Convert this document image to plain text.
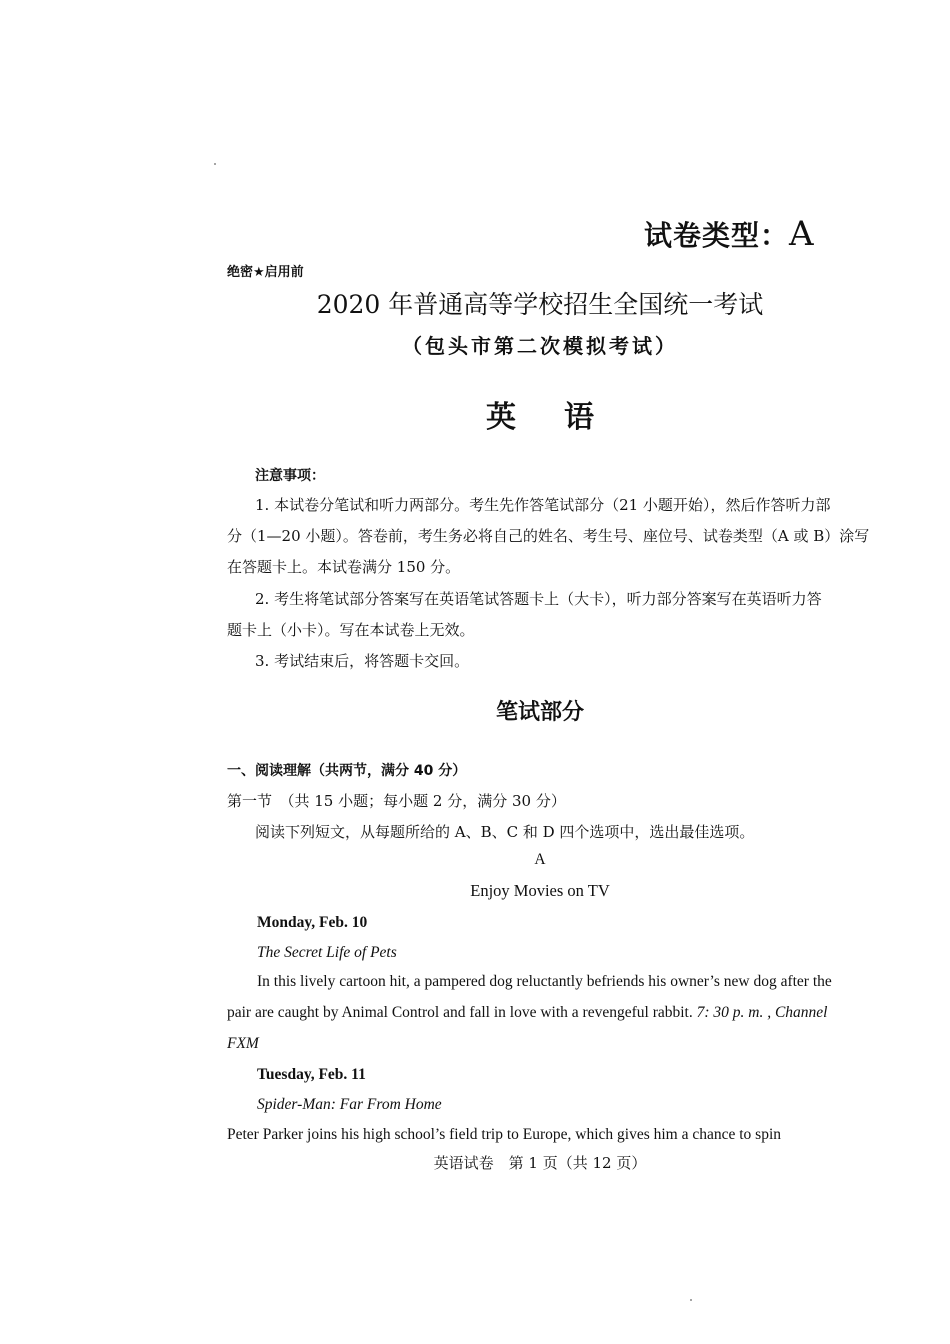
试卷类型：A
绝密★启用前
2020 年普通高等学校招生全国统一考试
（包头市第二次模拟考试）
英 语
注意事项：
1. 本试卷分笔试和听力两部分。考生先作答笔试部分（21 小题开始），然后作答听力部
分（1—20 小题）。答卷前，考生务必将自己的姓名、考生号、座位号、试卷类型（A 或 B）涂写
在答题卡上。本试卷满分 150 分。
2. 考生将笔试部分答案写在英语笔试答题卡上（大卡），听力部分答案写在英语听力答
题卡上（小卡）。写在本试卷上无效。
3. 考试结束后，将答题卡交回。
笔试部分
一、阅读理解（共两节，满分 40 分）
第一节　（共 15 小题；每小题 2 分，满分 30 分）
阅读下列短文，从每题所给的 A、B、C 和 D 四个选项中，选出最佳选项。
A
Enjoy Movies on TV
Monday, Feb. 10
The Secret Life of Pets
In this lively cartoon hit, a pampered dog reluctantly befriends his owner’s new dog after the
pair are caught by Animal Control and fall in love with a revengeful rabbit. 7: 30 p. m. , Channel
FXM
Tuesday, Feb. 11
Spider-Man: Far From Home
Peter Parker joins his high school’s field trip to Europe, which gives him a chance to spin
英语试卷　第 1 页（共 12 页）
